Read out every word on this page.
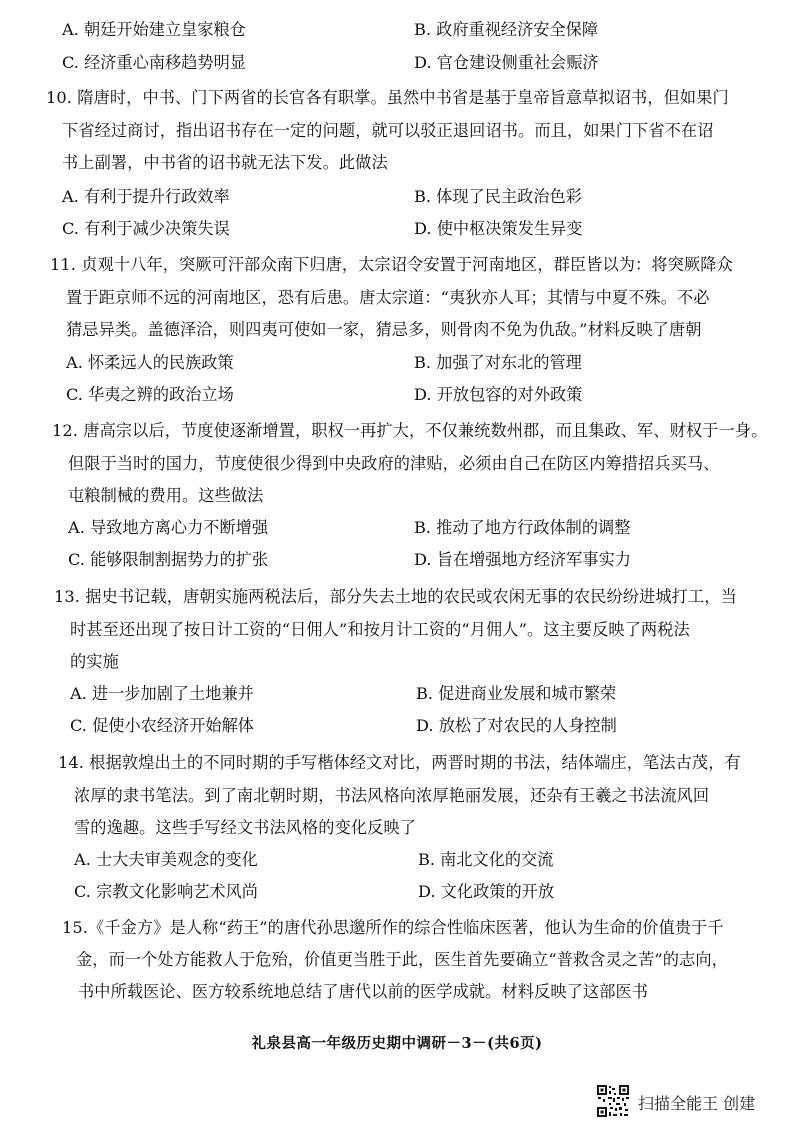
A. 朝廷开始建立皇家粮仓	B. 政府重视经济安全保障
C. 经济重心南移趋势明显	D. 官仓建设侧重社会赈济
10. 隋唐时，中书、门下两省的长官各有职掌。虽然中书省是基于皇帝旨意草拟诏书，但如果门
下省经过商讨，指出诏书存在一定的问题，就可以驳正退回诏书。而且，如果门下省不在诏
书上副署，中书省的诏书就无法下发。此做法
A. 有利于提升行政效率	B. 体现了民主政治色彩
C. 有利于减少决策失误	D. 使中枢决策发生异变
11. 贞观十八年，突厥可汗部众南下归唐，太宗诏令安置于河南地区，群臣皆以为：将突厥降众
置于距京师不远的河南地区，恐有后患。唐太宗道：“夷狄亦人耳；其情与中夏不殊。不必
猜忌异类。盖德泽洽，则四夷可使如一家，猜忌多，则骨肉不免为仇敌。”材料反映了唐朝
A. 怀柔远人的民族政策	B. 加强了对东北的管理
C. 华夷之辨的政治立场	D. 开放包容的对外政策
12. 唐高宗以后，节度使逐渐增置，职权一再扩大，不仅兼统数州郡，而且集政、军、财权于一身。
但限于当时的国力，节度使很少得到中央政府的津贴，必须由自己在防区内筹措招兵买马、
屯粮制械的费用。这些做法
A. 导致地方离心力不断增强	B. 推动了地方行政体制的调整
C. 能够限制割据势力的扩张	D. 旨在增强地方经济军事实力
13. 据史书记载，唐朝实施两税法后，部分失去土地的农民或农闲无事的农民纷纷进城打工，当
时甚至还出现了按日计工资的“日佣人”和按月计工资的“月佣人”。这主要反映了两税法
的实施
A. 进一步加剧了土地兼并	B. 促进商业发展和城市繁荣
C. 促使小农经济开始解体	D. 放松了对农民的人身控制
14. 根据敦煌出土的不同时期的手写楷体经文对比，两晋时期的书法，结体端庄，笔法古茂，有
浓厚的隶书笔法。到了南北朝时期，书法风格向浓厚艳丽发展，还杂有王羲之书法流风回
雪的逸趣。这些手写经文书法风格的变化反映了
A. 士大夫审美观念的变化	B. 南北文化的交流
C. 宗教文化影响艺术风尚	D. 文化政策的开放
15.《千金方》是人称“药王”的唐代孙思邈所作的综合性临床医著，他认为生命的价值贵于千
金，而一个处方能救人于危殆，价值更当胜于此，医生首先要确立“普救含灵之苦”的志向，
书中所载医论、医方较系统地总结了唐代以前的医学成就。材料反映了这部医书
礼泉县高一年级历史期中调研－3－(共6页)
扫描全能王 创建
